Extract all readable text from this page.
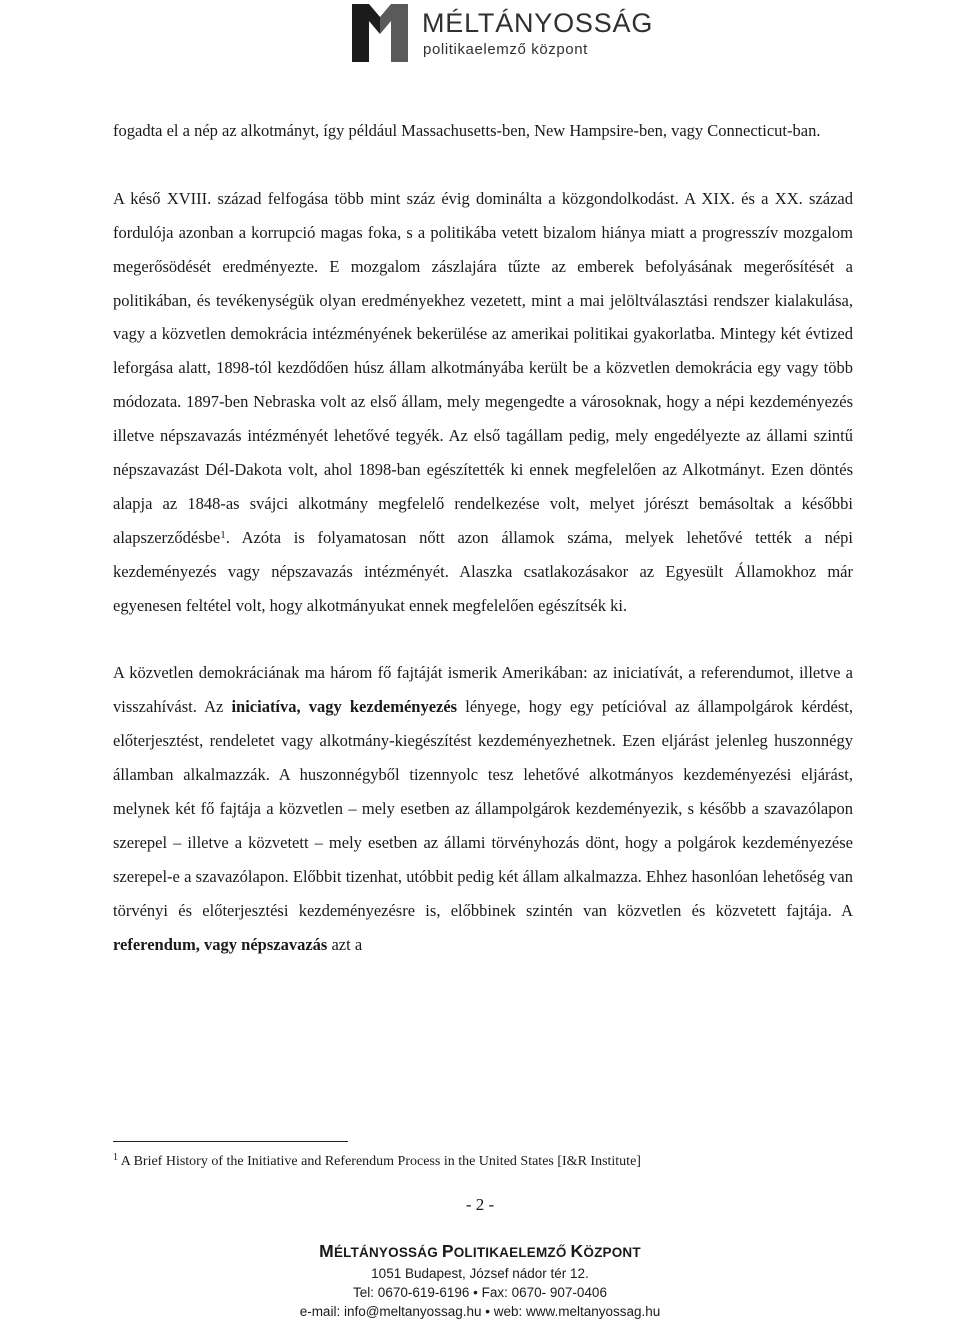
MÉLTÁNYOSSÁG
politikaelemző központ

fogadta el a nép az alkotmányt, így például Massachusetts-ben, New Hampsire-ben, vagy Connecticut-ban.

A késő XVIII. század felfogása több mint száz évig dominálta a közgondolkodást. A XIX. és a XX. század fordulója azonban a korrupció magas foka, s a politikába vetett bizalom hiánya miatt a progresszív mozgalom megerősödését eredményezte. E mozgalom zászlajára tűzte az emberek befolyásának megerősítését a politikában, és tevékenységük olyan eredményekhez vezetett, mint a mai jelöltválasztási rendszer kialakulása, vagy a közvetlen demokrácia intézményének bekerülése az amerikai politikai gyakorlatba. Mintegy két évtized leforgása alatt, 1898-tól kezdődően húsz állam alkotmányába került be a közvetlen demokrácia egy vagy több módozata. 1897-ben Nebraska volt az első állam, mely megengedte a városoknak, hogy a népi kezdeményezés illetve népszavazás intézményét lehetővé tegyék. Az első tagállam pedig, mely engedélyezte az állami szintű népszavazást Dél-Dakota volt, ahol 1898-ban egészítették ki ennek megfelelően az Alkotmányt. Ezen döntés alapja az 1848-as svájci alkotmány megfelelő rendelkezése volt, melyet jórészt bemásoltak a későbbi alapszerződésbe$^1$. Azóta is folyamatosan nőtt azon államok száma, melyek lehetővé tették a népi kezdeményezés vagy népszavazás intézményét. Alaszka csatlakozásakor az Egyesült Államokhoz már egyenesen feltétel volt, hogy alkotmányukat ennek megfelelően egészítsék ki.

A közvetlen demokráciának ma három fő fajtáját ismerik Amerikában: az iniciatívát, a referendumot, illetve a visszahívást. Az iniciatíva, vagy kezdeményezés lényege, hogy egy petícióval az állampolgárok kérdést, előterjesztést, rendeletet vagy alkotmány-kiegészítést kezdeményezhetnek. Ezen eljárást jelenleg huszonnégy államban alkalmazzák. A huszonnégyből tizennyolc tesz lehetővé alkotmányos kezdeményezési eljárást, melynek két fő fajtája a közvetlen – mely esetben az állampolgárok kezdeményezik, s később a szavazólapon szerepel – illetve a közvetett – mely esetben az állami törvényhozás dönt, hogy a polgárok kezdeményezése szerepel-e a szavazólapon. Előbbit tizenhat, utóbbit pedig két állam alkalmazza. Ehhez hasonlóan lehetőség van törvényi és előterjesztési kezdeményezésre is, előbbinek szintén van közvetlen és közvetett fajtája. A referendum, vagy népszavazás azt a

$^1$ A Brief History of the Initiative and Referendum Process in the United States [I&R Institute]
- 2 -
MÉLTÁNYOSSÁG POLITIKAELEMZŐ KÖZPONT
1051 Budapest, József nádor tér 12.
Tel: 0670-619-6196 • Fax: 0670- 907-0406
e-mail: info@meltanyossag.hu • web: www.meltanyossag.hu
